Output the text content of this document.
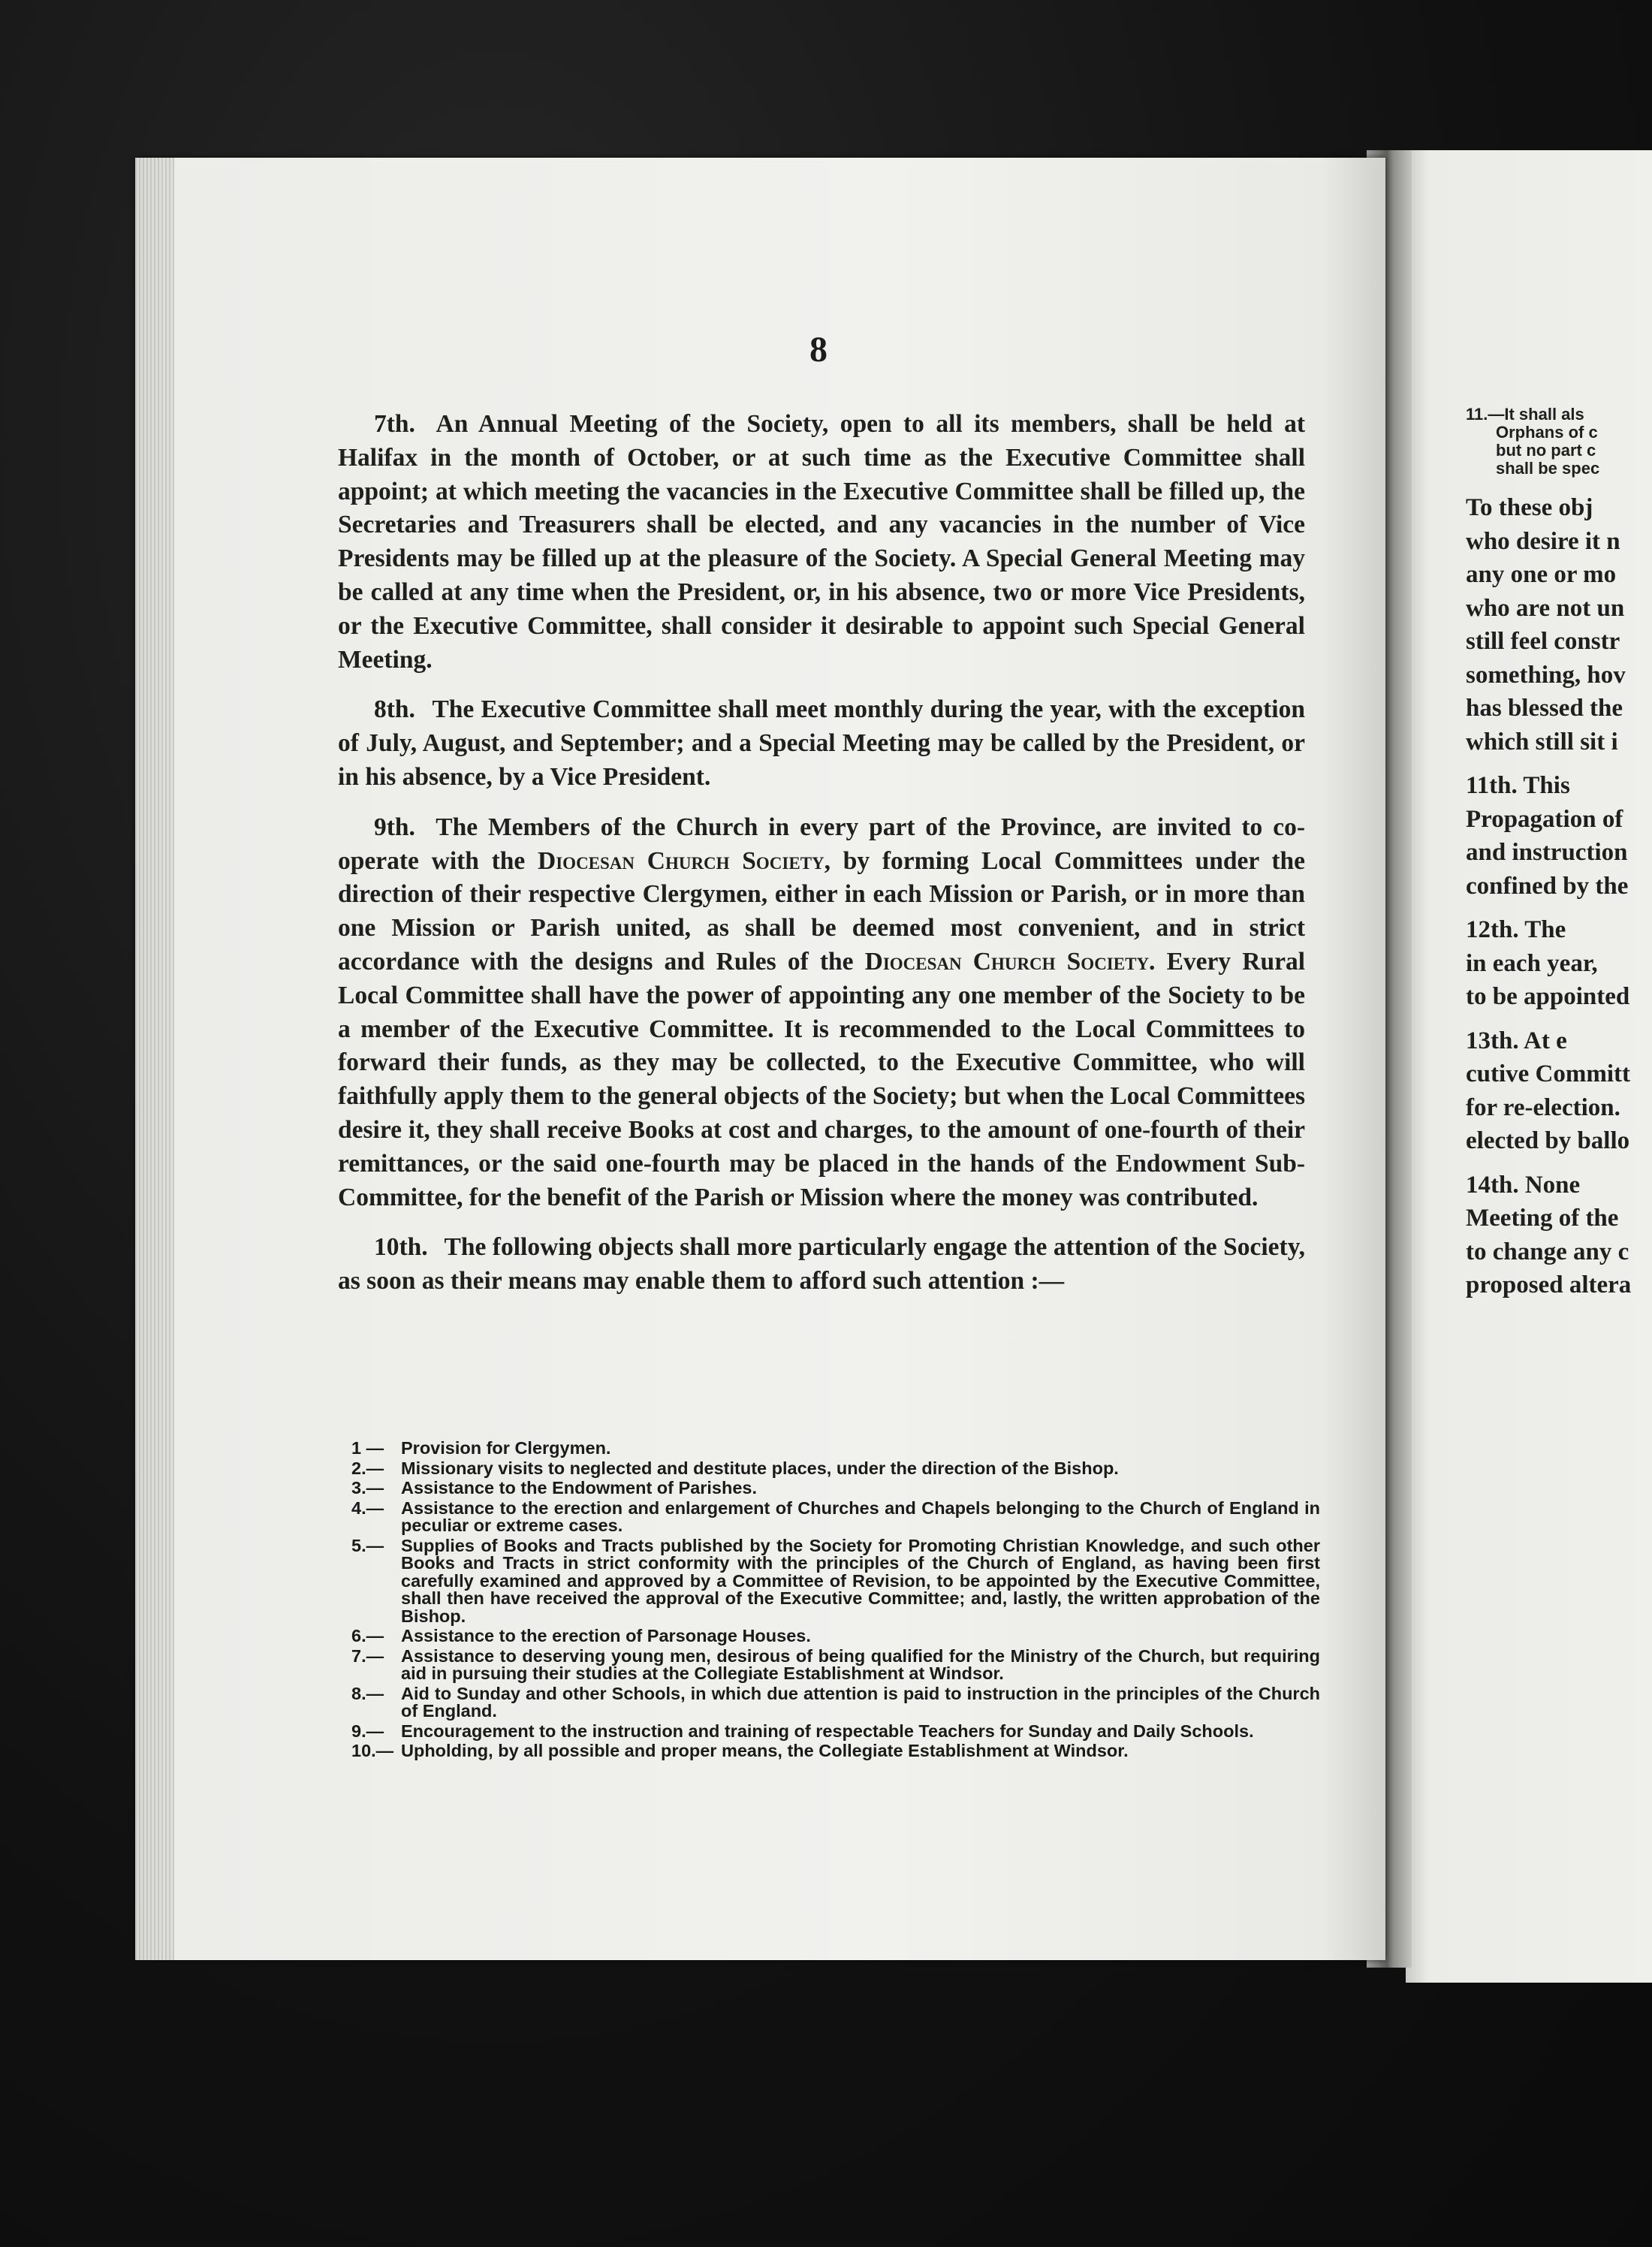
8

7th. An Annual Meeting of the Society, open to all its members, shall be held at Halifax in the month of October, or at such time as the Executive Committee shall appoint; at which meeting the vacancies in the Executive Committee shall be filled up, the Secretaries and Treasurers shall be elected, and any vacancies in the number of Vice Presidents may be filled up at the pleasure of the Society. A Special General Meeting may be called at any time when the President, or, in his absence, two or more Vice Presidents, or the Executive Committee, shall consider it desirable to appoint such Special General Meeting.

8th. The Executive Committee shall meet monthly during the year, with the exception of July, August, and September; and a Special Meeting may be called by the President, or in his absence, by a Vice President.

9th. The Members of the Church in every part of the Province, are invited to co-operate with the Diocesan Church Society, by forming Local Committees under the direction of their respective Clergymen, either in each Mission or Parish, or in more than one Mission or Parish united, as shall be deemed most convenient, and in strict accordance with the designs and Rules of the Diocesan Church Society. Every Rural Local Committee shall have the power of appointing any one member of the Society to be a member of the Executive Committee. It is recommended to the Local Committees to forward their funds, as they may be collected, to the Executive Committee, who will faithfully apply them to the general objects of the Society; but when the Local Committees desire it, they shall receive Books at cost and charges, to the amount of one-fourth of their remittances, or the said one-fourth may be placed in the hands of the Endowment Sub-Committee, for the benefit of the Parish or Mission where the money was contributed.

10th. The following objects shall more particularly engage the attention of the Society, as soon as their means may enable them to afford such attention :—

1 — Provision for Clergymen.
2.— Missionary visits to neglected and destitute places, under the direction of the Bishop.
3.— Assistance to the Endowment of Parishes.
4.— Assistance to the erection and enlargement of Churches and Chapels belonging to the Church of England in peculiar or extreme cases.
5.— Supplies of Books and Tracts published by the Society for Promoting Christian Knowledge, and such other Books and Tracts in strict conformity with the principles of the Church of England, as having been first carefully examined and approved by a Committee of Revision, to be appointed by the Executive Committee, shall then have received the approval of the Executive Committee; and, lastly, the written approbation of the Bishop.
6.— Assistance to the erection of Parsonage Houses.
7.— Assistance to deserving young men, desirous of being qualified for the Ministry of the Church, but requiring aid in pursuing their studies at the Collegiate Establishment at Windsor.
8.— Aid to Sunday and other Schools, in which due attention is paid to instruction in the principles of the Church of England.
9.— Encouragement to the instruction and training of respectable Teachers for Sunday and Daily Schools.
10.— Upholding, by all possible and proper means, the Collegiate Establishment at Windsor.
11.—It shall als
Orphans of c
but no part c
shall be spec
To these obj
who desire it n
any one or mo
who are not un
still feel constr
something, hov
has blessed the
which still sit i
11th. This
Propagation of
and instruction
confined by the
12th. The
in each year,
to be appointed
13th. At e
cutive Committ
for re-election.
elected by ballo
14th. None
Meeting of the
to change any c
proposed altera
